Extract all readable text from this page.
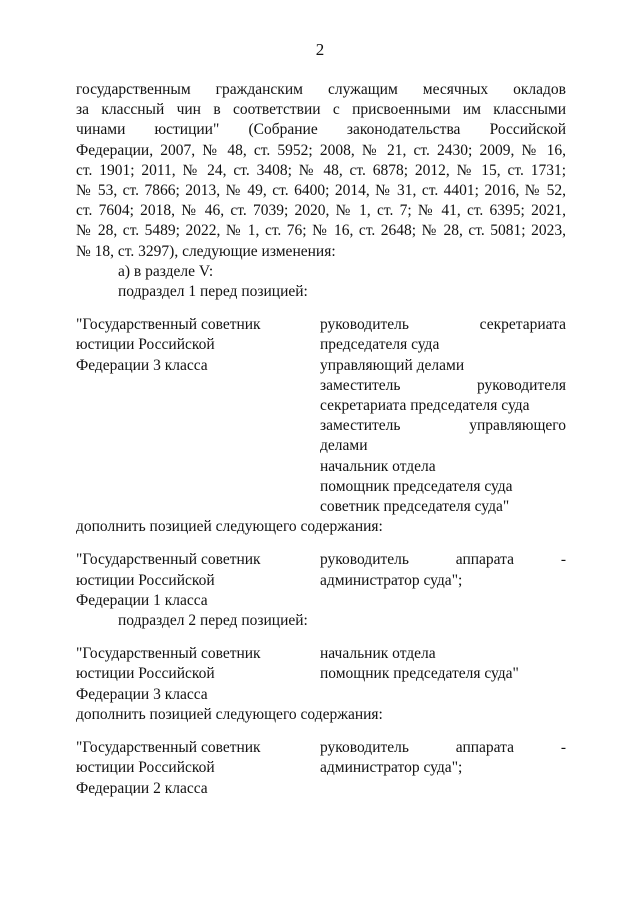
2
государственным гражданским служащим месячных окладов
за классный чин в соответствии с присвоенными им классными
чинами юстиции" (Собрание законодательства Российской
Федерации, 2007, № 48, ст. 5952; 2008, № 21, ст. 2430; 2009, № 16,
ст. 1901; 2011, № 24, ст. 3408; № 48, ст. 6878; 2012, № 15, ст. 1731;
№ 53, ст. 7866; 2013, № 49, ст. 6400; 2014, № 31, ст. 4401; 2016, № 52,
ст. 7604; 2018, № 46, ст. 7039; 2020, № 1, ст. 7; № 41, ст. 6395; 2021,
№ 28, ст. 5489; 2022, № 1, ст. 76; № 16, ст. 2648; № 28, ст. 5081; 2023,
№ 18, ст. 3297), следующие изменения:

а) в разделе V:

подраздел 1 перед позицией:

"Государственный советник
юстиции Российской
Федерации 3 класса
руководитель секретариата
председателя суда
управляющий делами
заместитель руководителя
секретариата председателя суда
заместитель управляющего
делами
начальник отдела
помощник председателя суда
советник председателя суда"

дополнить позицией следующего содержания:

"Государственный советник
юстиции Российской
Федерации 1 класса
руководитель аппарата -
администратор суда";

подраздел 2 перед позицией:

"Государственный советник
юстиции Российской
Федерации 3 класса
начальник отдела
помощник председателя суда"

дополнить позицией следующего содержания:

"Государственный советник
юстиции Российской
Федерации 2 класса
руководитель аппарата -
администратор суда";
